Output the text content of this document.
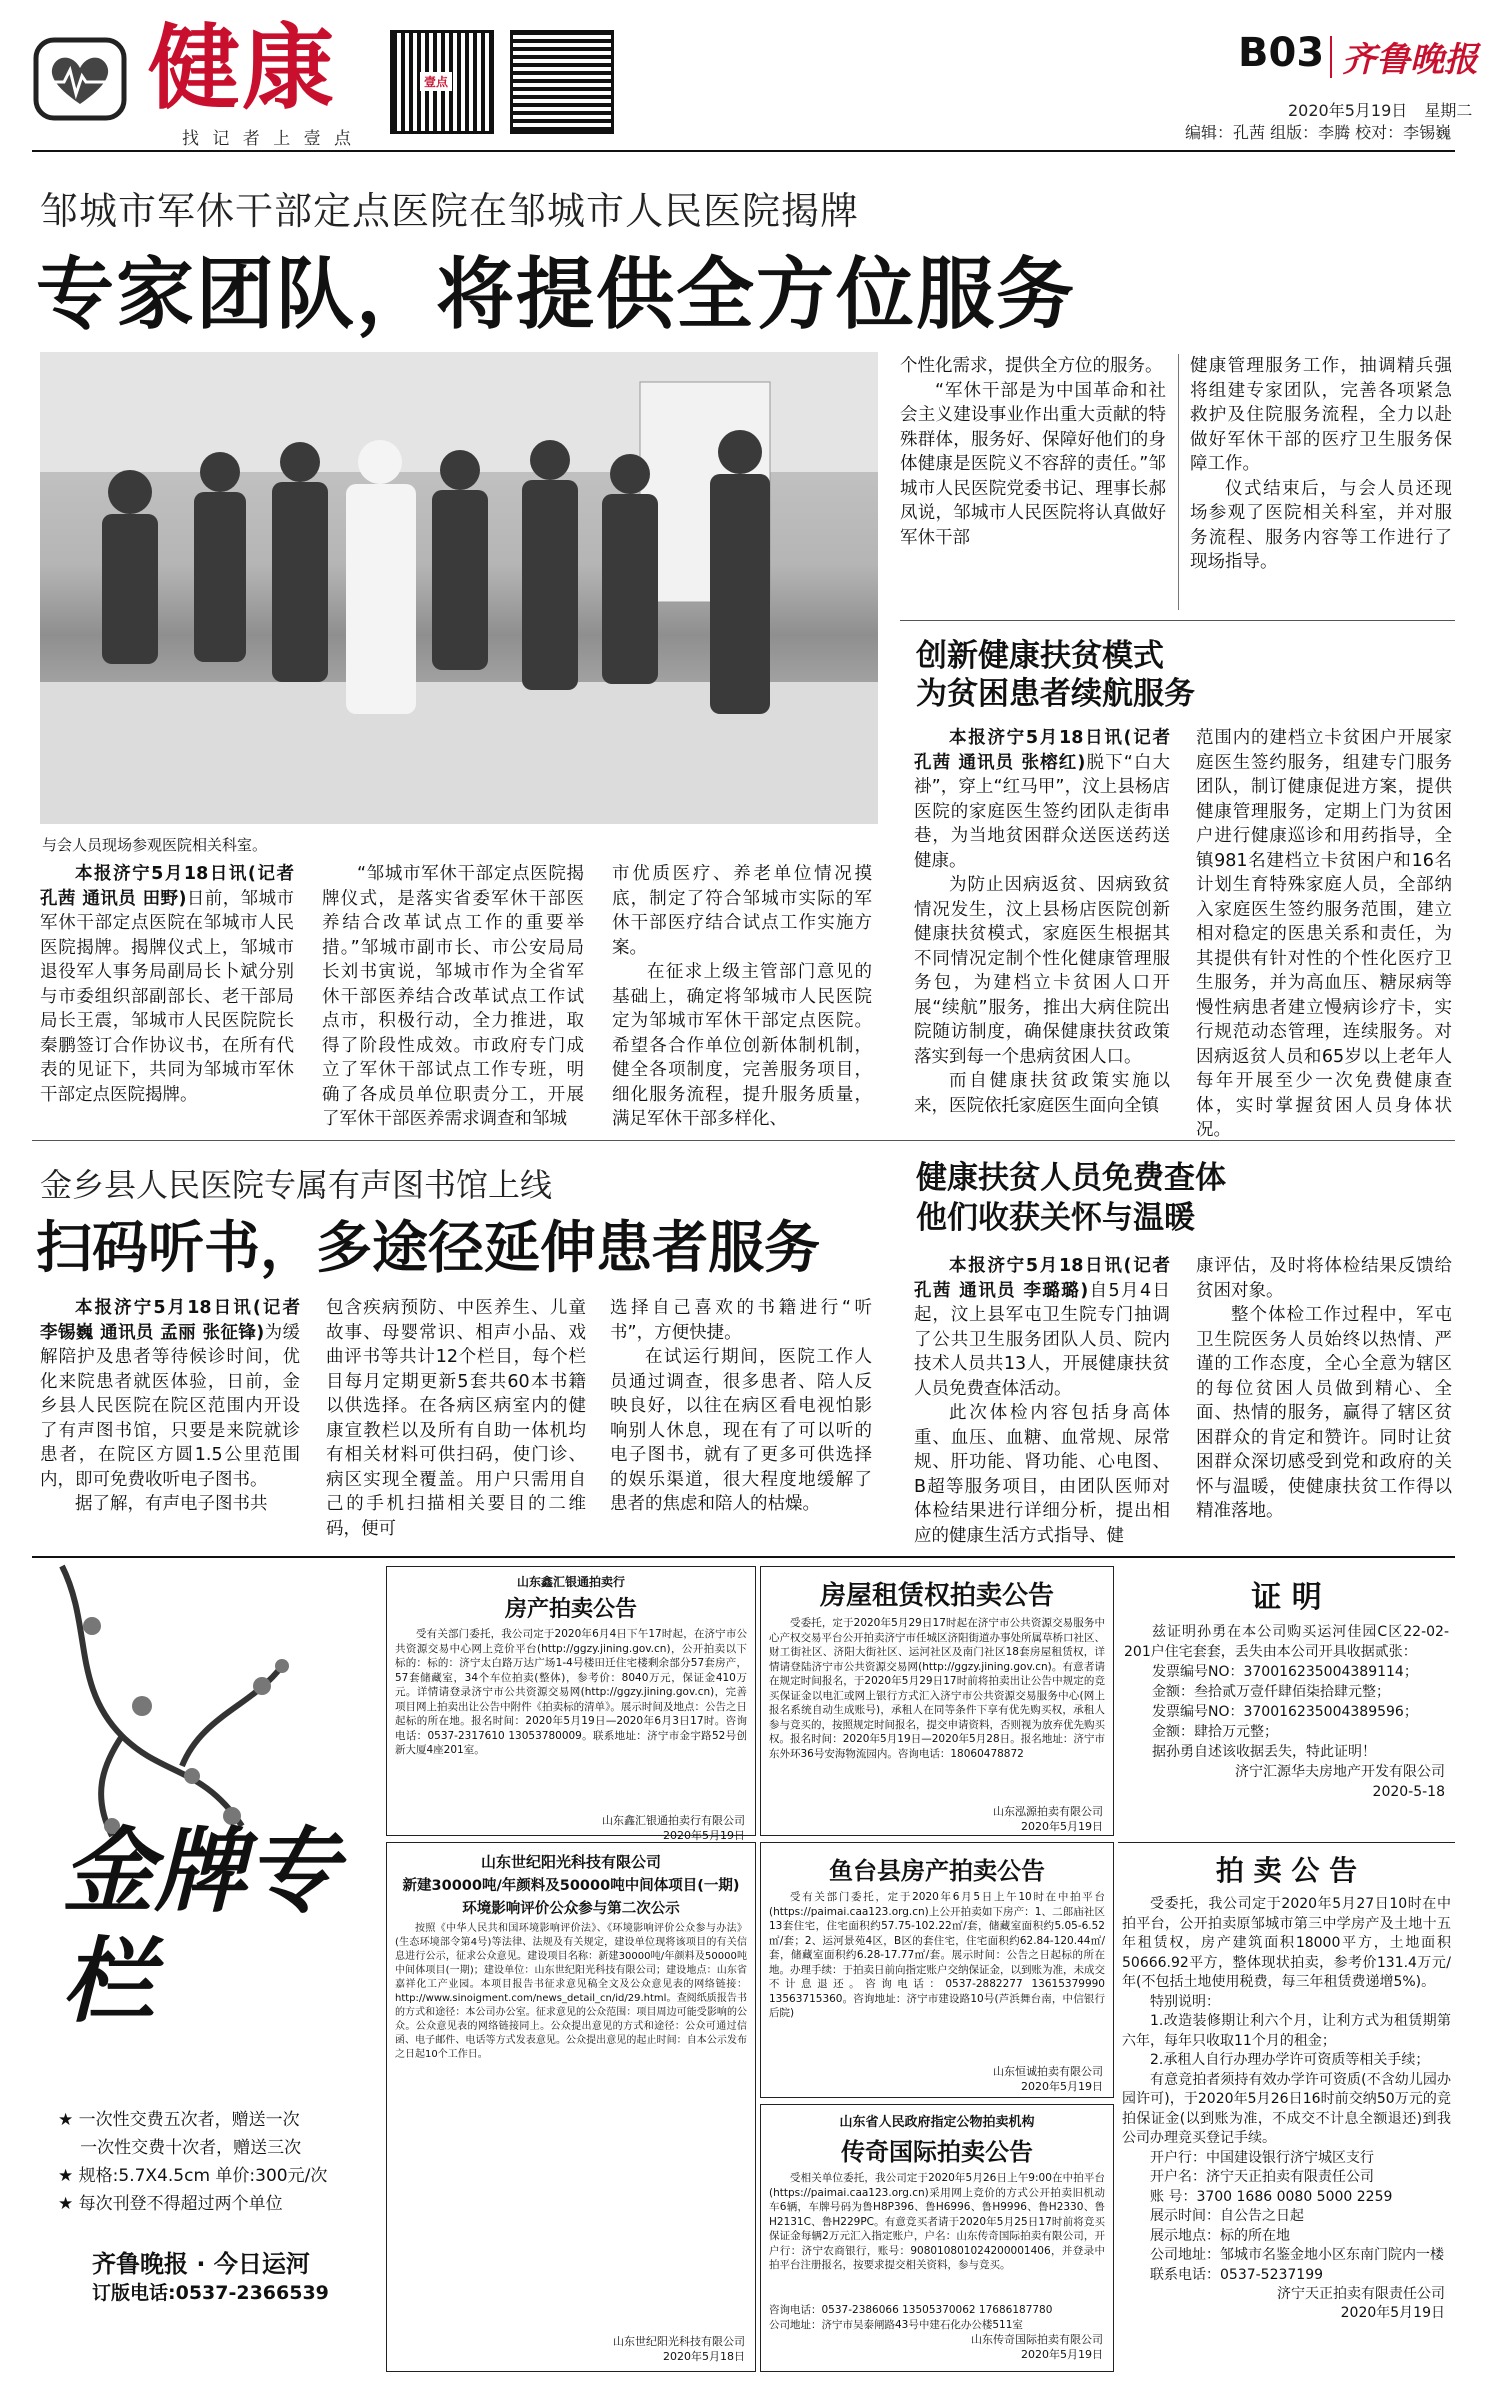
健康
找 记 者 上 壹 点
壹点
B03 齐鲁晚报
2020年5月19日 星期二
编辑：孔茜 组版：李腾 校对：李锡巍
邹城市军休干部定点医院在邹城市人民医院揭牌
专家团队，将提供全方位服务
与会人员现场参观医院相关科室。

本报济宁5月18日讯(记者 孔茜 通讯员 田野)日前，邹城市军休干部定点医院在邹城市人民医院揭牌。揭牌仪式上，邹城市退役军人事务局副局长卜斌分别与市委组织部副部长、老干部局局长王震，邹城市人民医院院长秦鹏签订合作协议书，在所有代表的见证下，共同为邹城市军休干部定点医院揭牌。

“邹城市军休干部定点医院揭牌仪式，是落实省委军休干部医养结合改革试点工作的重要举措。”邹城市副市长、市公安局局长刘书寅说，邹城市作为全省军休干部医养结合改革试点工作试点市，积极行动，全力推进，取得了阶段性成效。市政府专门成立了军休干部试点工作专班，明确了各成员单位职责分工，开展了军休干部医养需求调查和邹城

市优质医疗、养老单位情况摸底，制定了符合邹城市实际的军休干部医疗结合试点工作实施方案。

在征求上级主管部门意见的基础上，确定将邹城市人民医院定为邹城市军休干部定点医院。希望各合作单位创新体制机制，健全各项制度，完善服务项目，细化服务流程，提升服务质量，满足军休干部多样化、

个性化需求，提供全方位的服务。

“军休干部是为中国革命和社会主义建设事业作出重大贡献的特殊群体，服务好、保障好他们的身体健康是医院义不容辞的责任。”邹城市人民医院党委书记、理事长郝凤说，邹城市人民医院将认真做好军休干部

健康管理服务工作，抽调精兵强将组建专家团队，完善各项紧急救护及住院服务流程，全力以赴做好军休干部的医疗卫生服务保障工作。

仪式结束后，与会人员还现场参观了医院相关科室，并对服务流程、服务内容等工作进行了现场指导。

创新健康扶贫模式
为贫困患者续航服务

本报济宁5月18日讯(记者 孔茜 通讯员 张榕红)脱下“白大褂”，穿上“红马甲”，汶上县杨店医院的家庭医生签约团队走街串巷，为当地贫困群众送医送药送健康。

为防止因病返贫、因病致贫情况发生，汶上县杨店医院创新健康扶贫模式，家庭医生根据其不同情况定制个性化健康管理服务包，为建档立卡贫困人口开展“续航”服务，推出大病住院出院随访制度，确保健康扶贫政策落实到每一个患病贫困人口。

而自健康扶贫政策实施以来，医院依托家庭医生面向全镇

范围内的建档立卡贫困户开展家庭医生签约服务，组建专门服务团队，制订健康促进方案，提供健康管理服务，定期上门为贫困户进行健康巡诊和用药指导，全镇981名建档立卡贫困户和16名计划生育特殊家庭人员，全部纳入家庭医生签约服务范围，建立相对稳定的医患关系和责任，为其提供有针对性的个性化医疗卫生服务，并为高血压、糖尿病等慢性病患者建立慢病诊疗卡，实行规范动态管理，连续服务。对因病返贫人员和65岁以上老年人每年开展至少一次免费健康查体，实时掌握贫困人员身体状况。

金乡县人民医院专属有声图书馆上线
扫码听书，多途径延伸患者服务

本报济宁5月18日讯(记者 李锡巍 通讯员 孟丽 张征锋)为缓解陪护及患者等待候诊时间，优化来院患者就医体验，日前，金乡县人民医院在院区范围内开设了有声图书馆，只要是来院就诊患者，在院区方圆1.5公里范围内，即可免费收听电子图书。

据了解，有声电子图书共

包含疾病预防、中医养生、儿童故事、母婴常识、相声小品、戏曲评书等共计12个栏目，每个栏目每月定期更新5套共60本书籍以供选择。在各病区病室内的健康宣教栏以及所有自助一体机均有相关材料可供扫码，使门诊、病区实现全覆盖。用户只需用自己的手机扫描相关要目的二维码，便可

选择自己喜欢的书籍进行“听书”，方便快捷。

在试运行期间，医院工作人员通过调查，很多患者、陪人反映良好，以往在病区看电视怕影响别人休息，现在有了可以听的电子图书，就有了更多可供选择的娱乐渠道，很大程度地缓解了患者的焦虑和陪人的枯燥。

健康扶贫人员免费查体
他们收获关怀与温暖

本报济宁5月18日讯(记者 孔茜 通讯员 李璐璐)自5月4日起，汶上县军屯卫生院专门抽调了公共卫生服务团队人员、院内技术人员共13人，开展健康扶贫人员免费查体活动。

此次体检内容包括身高体重、血压、血糖、血常规、尿常规、肝功能、肾功能、心电图、B超等服务项目，由团队医师对体检结果进行详细分析，提出相应的健康生活方式指导、健

康评估，及时将体检结果反馈给贫困对象。

整个体检工作过程中，军屯卫生院医务人员始终以热情、严谨的工作态度，全心全意为辖区的每位贫困人员做到精心、全面、热情的服务，赢得了辖区贫困群众的肯定和赞许。同时让贫困群众深切感受到党和政府的关怀与温暖，使健康扶贫工作得以精准落地。

金牌专栏
★ 一次性交费五次者，赠送一次
一次性交费十次者，赠送三次
★ 规格:5.7X4.5cm 单价:300元/次
★ 每次刊登不得超过两个单位
齐鲁晚报 · 今日运河
订版电话:0537-2366539
山东鑫汇银通拍卖行
房产拍卖公告

受有关部门委托，我公司定于2020年6月4日下午17时起，在济宁市公共资源交易中心网上竞价平台(http://ggzy.jining.gov.cn)，公开拍卖以下标的：标的：济宁太白路万达广场1-4号楼田迁住宅楼剩余部分57套房产，57套储藏室，34个车位拍卖(整体)，参考价：8040万元，保证金410万元。详情请登录济宁市公共资源交易网(http://ggzy.jining.gov.cn)，完善项目网上拍卖出让公告中附件《拍卖标的清单》。展示时间及地点：公告之日起标的所在地。报名时间：2020年5月19日—2020年6月3日17时。咨询电话：0537-2317610 13053780009。联系地址：济宁市金宇路52号创新大厦4座201室。

山东鑫汇银通拍卖行有限公司
2020年5月19日
房屋租赁权拍卖公告

受委托，定于2020年5月29日17时起在济宁市公共资源交易服务中心产权交易平台公开拍卖济宁市任城区济阳街道办事处所属草桥口社区、财工街社区、济阳大街社区、运河社区及南门社区18套房屋租赁权，详情请登陆济宁市公共资源交易网(http://ggzy.jining.gov.cn)。有意者请在规定时间报名，于2020年5月29日17时前将拍卖出让公告中规定的竞买保证金以电汇或网上银行方式汇入济宁市公共资源交易服务中心(网上报名系统自动生成账号)，承租人在同等条件下享有优先购买权，承租人参与竞买的，按照规定时间报名，提交申请资料，否则视为放弃优先购买权。报名时间：2020年5月19日—2020年5月28日。报名地址：济宁市东外环36号安海物流园内。咨询电话：18060478872

山东泓源拍卖有限公司
2020年5月19日
证 明

兹证明孙勇在本公司购买运河佳园C区22-02-201户住宅套套，丢失由本公司开具收据贰张：

发票编号NO：3700162350043891​14；

金额：叁拾贰万壹仟肆佰柒拾肆元整；

发票编号NO：3700162350043895​96；

金额：肆拾万元整；

据孙勇自述该收据丢失，特此证明！

济宁汇源华夫房地产开发有限公司
2020-5-18
山东世纪阳光科技有限公司
新建30000吨/年颜料及50000吨中间体项目(一期)
环境影响评价公众参与第二次公示

按照《中华人民共和国环境影响评价法》、《环境影响评价公众参与办法》(生态环境部令第4号)等法律、法规及有关规定，建设单位现将该项目的有关信息进行公示，征求公众意见。建设项目名称：新建30000吨/年颜料及50000吨中间体项目(一期)；建设单位：山东世纪阳光科技有限公司；建设地点：山东省嘉祥化工产业园。本项目报告书征求意见稿全文及公众意见表的网络链接：http://www.sinoigment.com/news_detail_cn/id/29.html。查阅纸质报告书的方式和途径：本公司办公室。征求意见的公众范围：项目周边可能受影响的公众。公众意见表的网络链接同上。公众提出意见的方式和途径：公众可通过信函、电子邮件、电话等方式发表意见。公众提出意见的起止时间：自本公示发布之日起10个工作日。

山东世纪阳光科技有限公司
2020年5月18日
鱼台县房产拍卖公告

受有关部门委托，定于2020年6月5日上午10时在中拍平台(https://paimai.caa123.org.cn)上公开拍卖如下房产：1、二郎庙社区13套住宅，住宅面积约57.75-102.22㎡/套，储藏室面积约5.05-6.52㎡/套；2、运河景苑4区，B区的套住宅，住宅面积约62.84-120.44㎡/套，储藏室面积约6.28-17.77㎡/套。展示时间：公告之日起标的所在地。办理手续：于拍卖日前向指定账户交纳保证金，以到账为准，未成交不计息退还。咨询电话：0537-2882277 13615379990 13563715360。咨询地址：济宁市建设路10号(芦浜舞台南，中信银行后院)

山东恒诚拍卖有限公司
2020年5月19日
山东省人民政府指定公物拍卖机构
传奇国际拍卖公告

受相关单位委托，我公司定于2020年5月26日上午9:00在中拍平台(https://paimai.caa123.org.cn)采用网上竞价的方式公开拍卖旧机动车6辆，车牌号码为鲁H8P396、鲁H6996、鲁H9996、鲁H2330、鲁H2131C、鲁H229PC。有意竞买者请于2020年5月25日17时前将竞买保证金每辆2万元汇入指定账户，户名：山东传奇国际拍卖有限公司，开户行：济宁农商银行，账号：908010801024200001406，并登录中拍平台注册报名，按要求提交相关资料，参与竞买。

咨询电话：0537-2386066 13505370062 17686187780
公司地址：济宁市吴泰闸路43号中建石化办公楼511室
山东传奇国际拍卖有限公司
2020年5月19日
拍 卖 公 告

受委托，我公司定于2020年5月27日10时在中拍平台，公开拍卖原邹城市第三中学房产及土地十五年租赁权，房产建筑面积18000平方，土地面积50666.92平方，整体现状拍卖，参考价131.4万元/年(不包括土地使用税费，每三年租赁费递增5%)。

特别说明：

1.改造装修期让利六个月，让利方式为租赁期第六年，每年只收取11个月的租金；

2.承租人自行办理办学许可资质等相关手续；

有意竞拍者须持有效办学许可资质(不含幼儿园办园许可)，于2020年5月26日16时前交纳50万元的竞拍保证金(以到账为准，不成交不计息全额退还)到我公司办理竞买登记手续。

开户行：中国建设银行济宁城区支行

开户名：济宁天正拍卖有限责任公司

账 号：3700 1686 0080 5000 2259

展示时间：自公告之日起

展示地点：标的所在地

公司地址：邹城市名鉴金地小区东南门院内一楼

联系电话：0537-5237199

济宁天正拍卖有限责任公司
2020年5月19日
